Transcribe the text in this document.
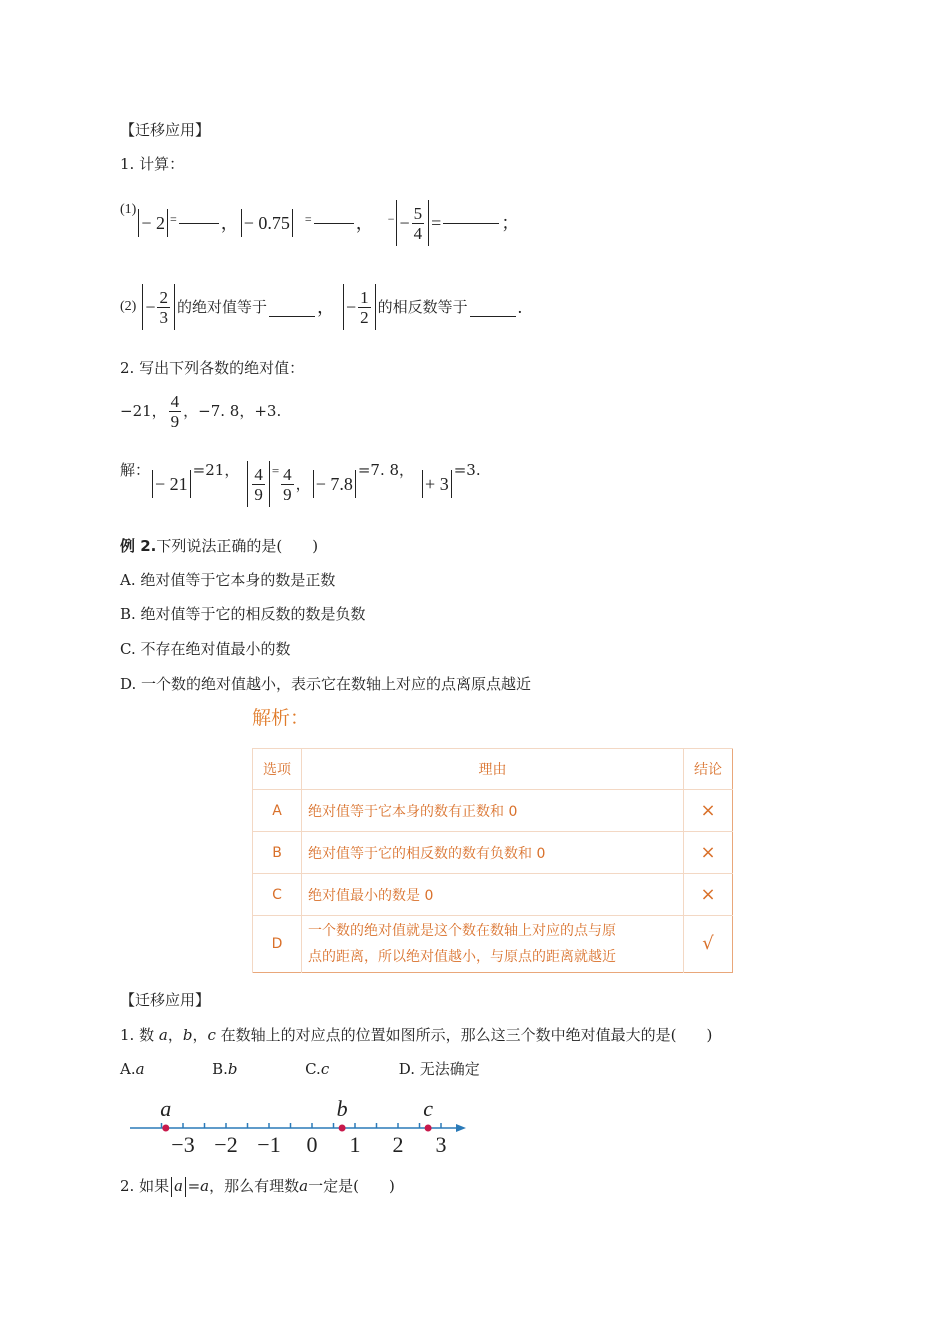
【迁移应用】
1. 计算：
(1)
− 2 = ， − 0.75 = ， − − $\frac{5}{4}$ =	；
$(2) - \frac{2}{3}$ 的绝对值等于	， − $\frac{1}{2}$ 的相反数等于	.
2. 写出下列各数的绝对值：
−21， $\frac{4}{9}$ ，−7. 8，+3.
解：
− 21
=21， $\frac{4}{9} = \frac{4}{9}$ ， − 7.8
=7. 8，
+ 3
=3.
例 2.下列说法正确的是(　　)
A. 绝对值等于它本身的数是正数
B. 绝对值等于它的相反数的数是负数
C. 不存在绝对值最小的数
D. 一个数的绝对值越小，表示它在数轴上对应的点离原点越近
解析：
选项	理由	结论
A	绝对值等于它本身的数有正数和 0	×
B	绝对值等于它的相反数的数有负数和 0	×
C	绝对值最小的数是 0	×
D	一个数的绝对值就是这个数在数轴上对应的点与原
点的距离，所以绝对值越小，与原点的距离就越近	√
【迁移应用】
1. 数 a，b，c 在数轴上的对应点的位置如图所示，那么这三个数中绝对值最大的是(　　)
A.a	B.b	C.c	D. 无法确定
−3 −2 −1 0 1 2 3
a	b	c
2. 如果 a =a，那么有理数a一定是(　　)
